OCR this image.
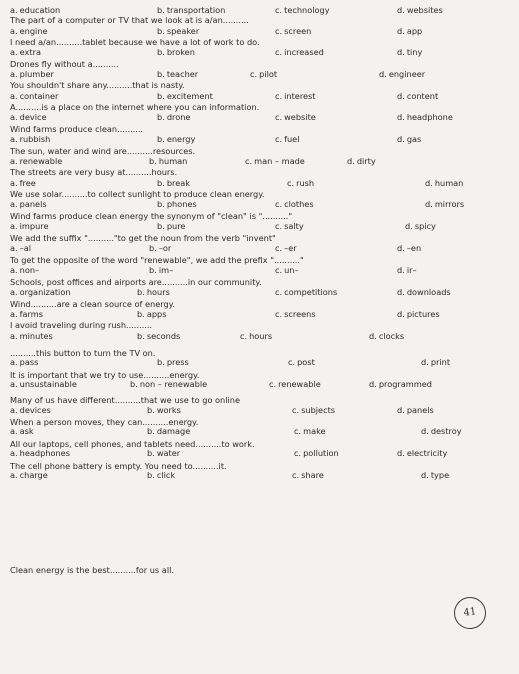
a. education	b. transportation	c. technology	d. websites
The part of a computer or TV that we look at is a/an..........
a. engine	b. speaker	c. screen	d. app
I need a/an..........tablet because we have a lot of work to do.
a. extra	b. broken	c. increased	d. tiny
Drones fly without a..........
a. plumber	b. teacher	c. pilot	d. engineer
You shouldn't share any..........that is nasty.
a. container	b. excitement	c. interest	d. content
A..........is a place on the internet where you can information.
a. device	b. drone	c. website	d. headphone
Wind farms produce clean..........
a. rubbish	b. energy	c. fuel	d. gas
The sun, water and wind are..........resources.
a. renewable	b. human	c. man – made	d. dirty
The streets are very busy at..........hours.
a. free	b. break	c. rush	d. human
We use solar..........to collect sunlight to produce clean energy.
a. panels	b. phones	c. clothes	d. mirrors
Wind farms produce clean energy the synonym of "clean" is ".........."
a. impure	b. pure	c. salty	d. spicy
We add the suffix ".........."to get the noun from the verb "invent"
a. –al	b. –or	c. –er	d. –en
To get the opposite of the word "renewable", we add the prefix ".........."
a. non–	b. im–	c. un–	d. ir–
Schools, post offices and airports are..........in our community.
a. organization	b. hours	c. competitions	d. downloads
Wind..........are a clean source of energy.
a. farms	b. apps	c. screens	d. pictures
I avoid traveling during rush..........
a. minutes	b. seconds	c. hours	d. clocks
..........this button to turn the TV on.
a. pass	b. press	c. post	d. print
It is important that we try to use..........energy.
a. unsustainable	b. non – renewable	c. renewable	d. programmed
Many of us have different..........that we use to go online
a. devices	b. works	c. subjects	d. panels
When a person moves, they can..........energy.
a. ask	b. damage	c. make	d. destroy
All our laptops, cell phones, and tablets need..........to work.
a. headphones	b. water	c. pollution	d. electricity
The cell phone battery is empty. You need to..........it.
a. charge	b. click	c. share	d. type
Clean energy is the best..........for us all.
41
